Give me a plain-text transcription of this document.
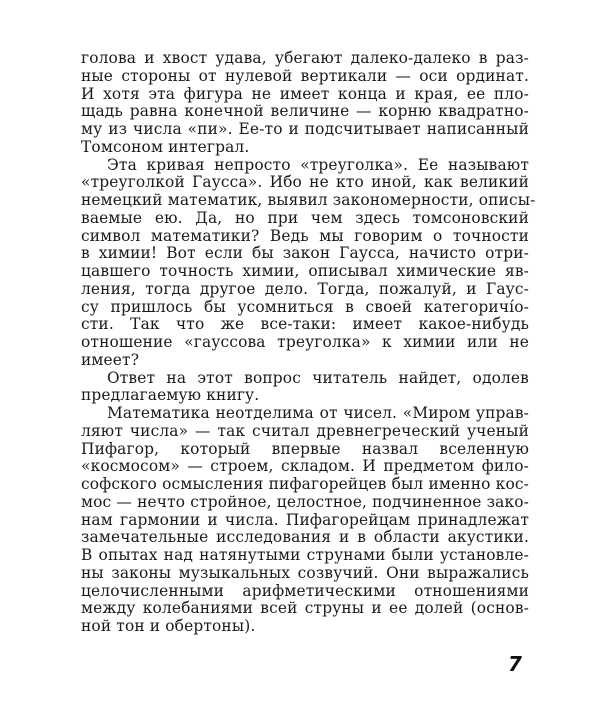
голова и хвост удава, убегают далеко-далеко в раз-
ные стороны от нулевой вертикали — оси ординат.
И хотя эта фигура не имеет конца и края, ее пло-
щадь равна конечной величине — корню квадратно-
му из числа «пи». Ее-то и подсчитывает написанный
Томсоном интеграл.
Эта кривая непросто «треуголка». Ее называют
«треуголкой Гаусса». Ибо не кто иной, как великий
немецкий математик, выявил закономерности, описы-
ваемые ею. Да, но при чем здесь томсоновский
символ математики? Ведь мы говорим о точности
в химии! Вот если бы закон Гаусса, начисто отри-
цавшего точность химии, описывал химические яв-
ления, тогда другое дело. Тогда, пожалуй, и Гаус-
су пришлось бы усомниться в своей категоричíо-
сти. Так что же все-таки: имеет какое-нибудь
отношение «гауссова треуголка» к химии или не
имеет?
Ответ на этот вопрос читатель найдет, одолев
предлагаемую книгу.
Математика неотделима от чисел. «Миром управ-
ляют числа» — так считал древнегреческий ученый
Пифагор, который впервые назвал вселенную
«космосом» — строем, складом. И предметом фило-
софского осмысления пифагорейцев был именно кос-
мос — нечто стройное, целостное, подчиненное зако-
нам гармонии и числа. Пифагорейцам принадлежат
замечательные исследования и в области акустики.
В опытах над натянутыми струнами были установле-
ны законы музыкальных созвучий. Они выражались
целочисленными арифметическими отношениями
между колебаниями всей струны и ее долей (основ-
ной тон и обертоны).
7
